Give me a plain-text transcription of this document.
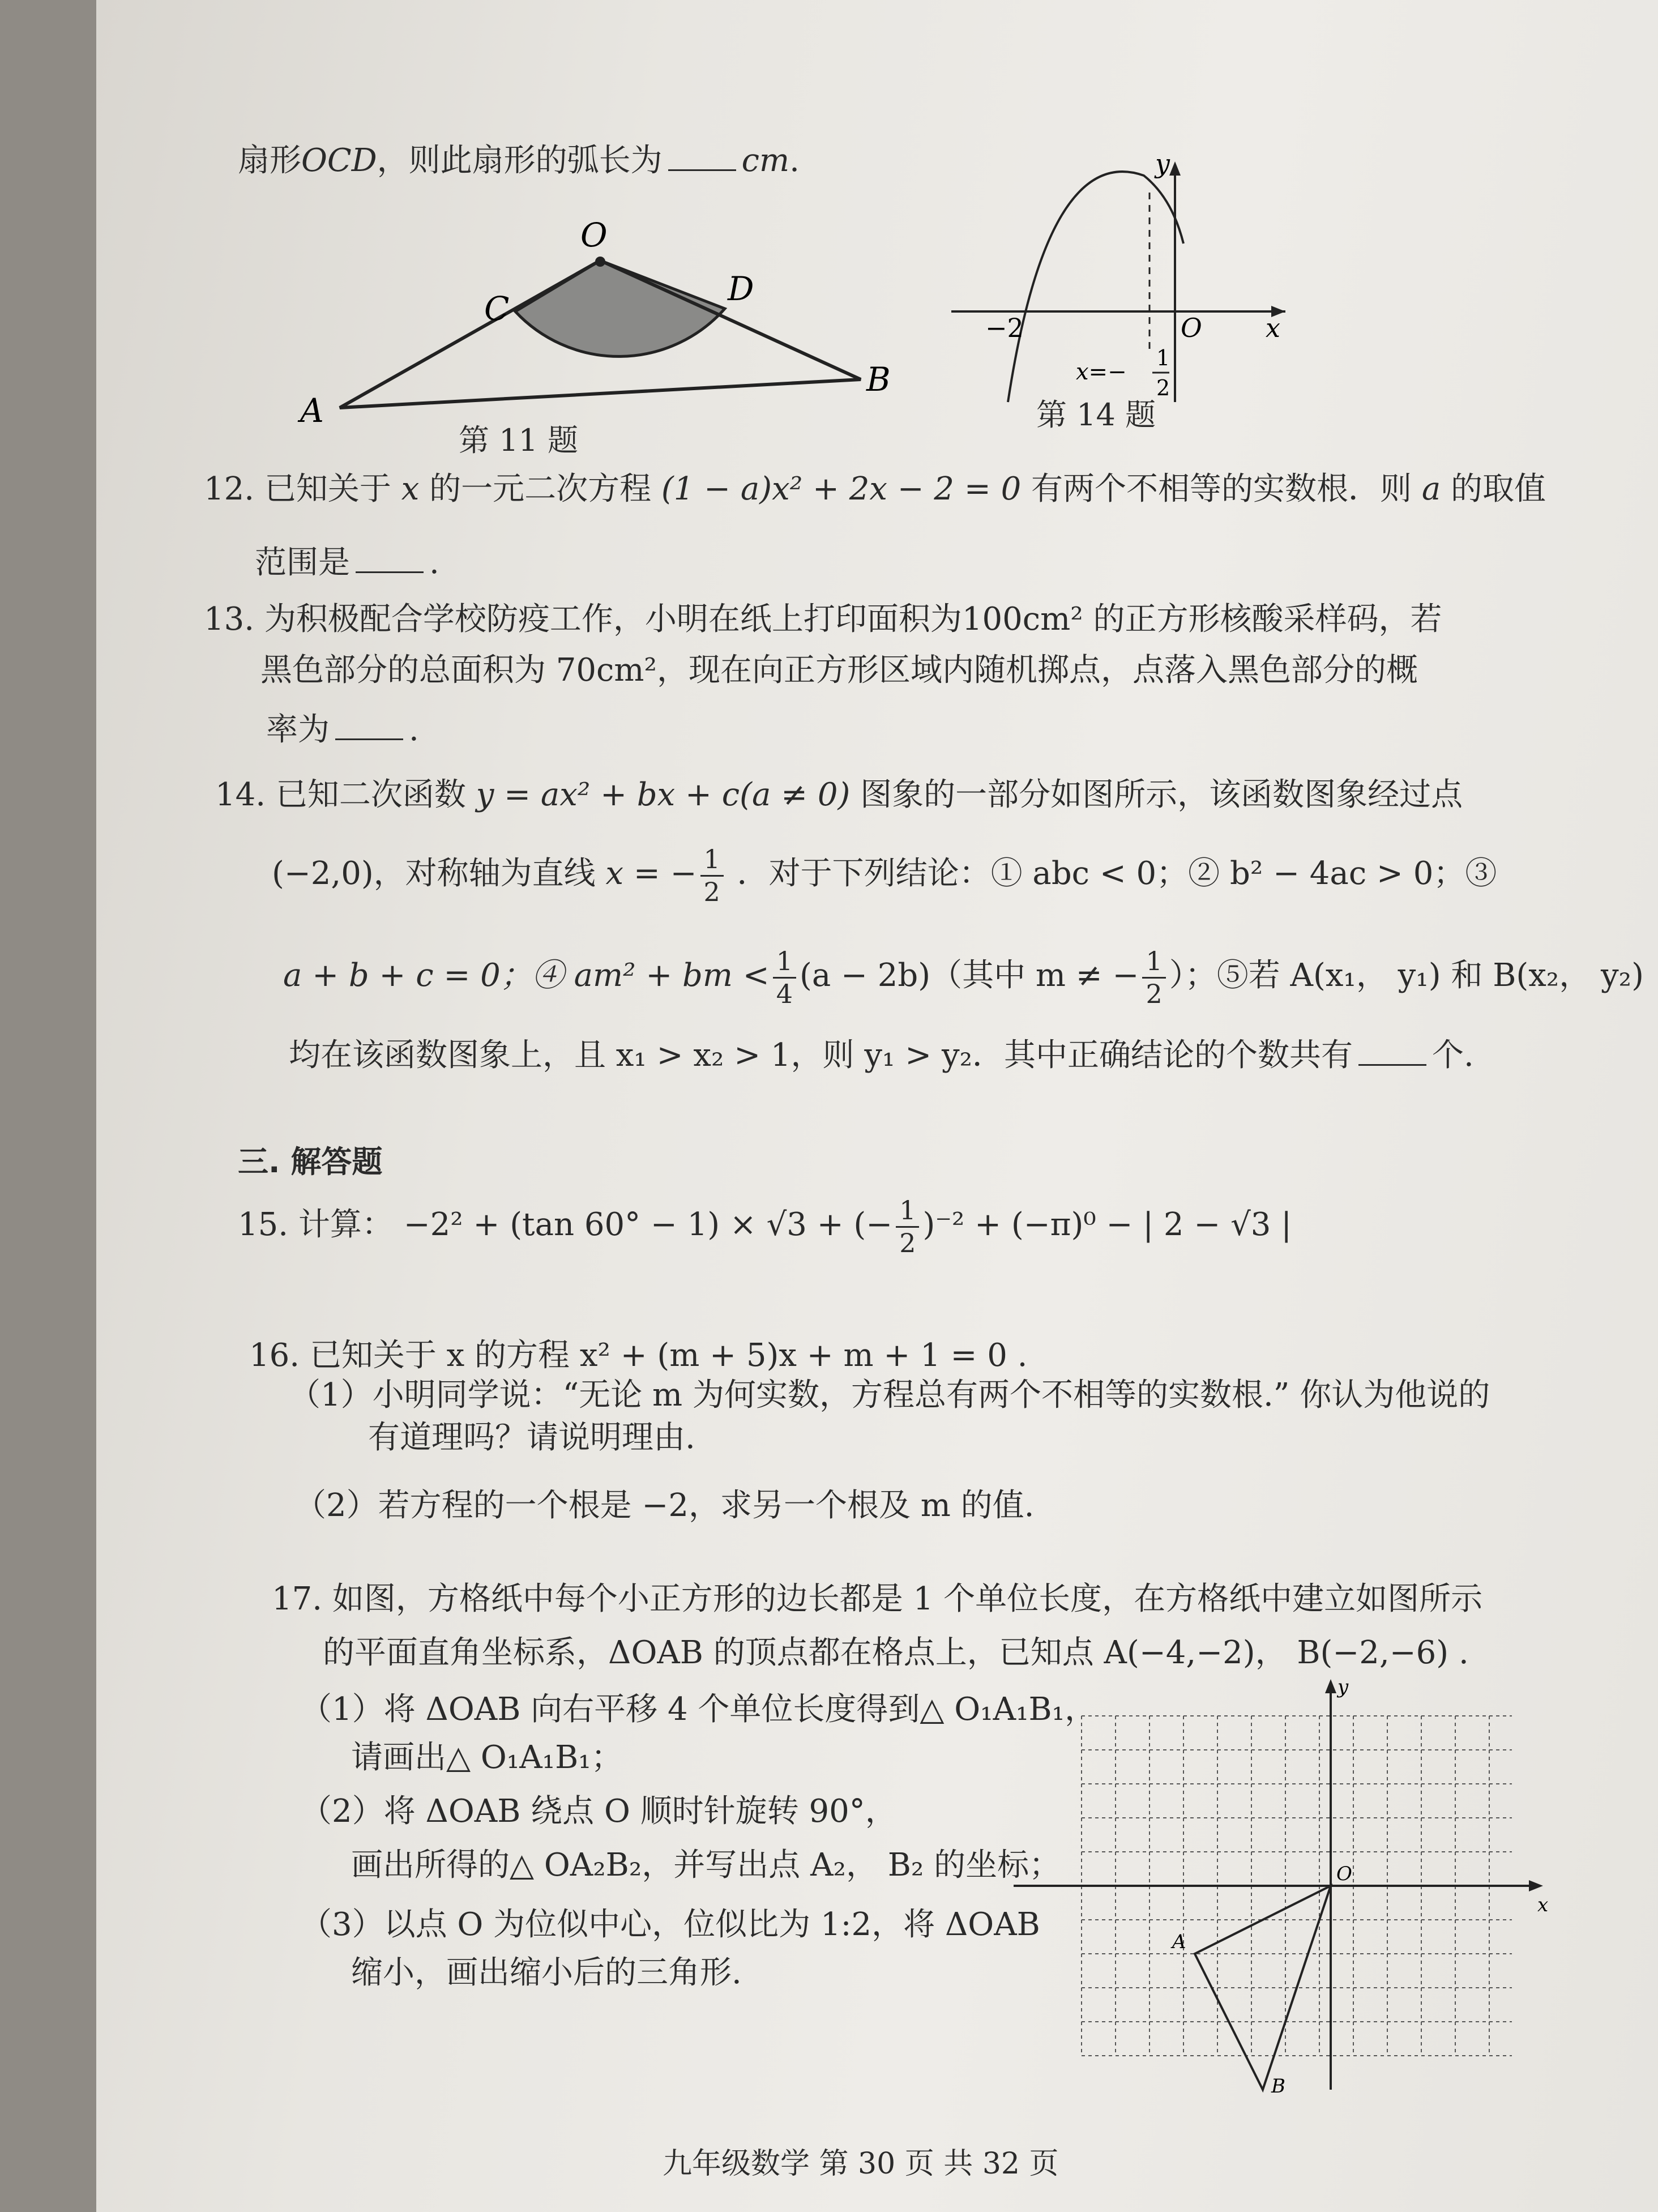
扇形OCD，则此扇形的弧长为	cm.
O
C
D
A
B
第 11 题
y
x
O
−2
x=−
1
2
第 14 题
12. 已知关于 x 的一元二次方程 (1 − a)x² + 2x − 2 = 0 有两个不相等的实数根．则 a 的取值
范围是	.
13. 为积极配合学校防疫工作，小明在纸上打印面积为100cm² 的正方形核酸采样码，若
黑色部分的总面积为 70cm²，现在向正方形区域内随机掷点，点落入黑色部分的概
率为	.
14. 已知二次函数 y = ax² + bx + c(a ≠ 0) 图象的一部分如图所示，该函数图象经过点
(−2,0)，对称轴为直线 x = − $\frac{1}{2}$ ．对于下列结论：① abc < 0；② b² − 4ac > 0；③
a + b + c = 0；④ am² + bm < $\frac{1}{4} (a - 2b)$（其中 m ≠ − $\frac{1}{2}$ ）；⑤若 A(x₁， y₁) 和 B(x₂， y₂)
均在该函数图象上，且 x₁ > x₂ > 1，则 y₁ > y₂．其中正确结论的个数共有	个.
三. 解答题
15. 计算： −2² + (tan 60° − 1) × √3 + (− $\frac{1}{2} )^{-2} + (-\pi)^0$ − | 2 − √3 |
16. 已知关于 x 的方程 x² + (m + 5)x + m + 1 = 0 .
（1）小明同学说：“无论 m 为何实数，方程总有两个不相等的实数根.” 你认为他说的
有道理吗？请说明理由.
（2）若方程的一个根是 −2，求另一个根及 m 的值.
17. 如图，方格纸中每个小正方形的边长都是 1 个单位长度，在方格纸中建立如图所示
的平面直角坐标系，ΔOAB 的顶点都在格点上，已知点 A(−4,−2)， B(−2,−6) .
（1）将 ΔOAB 向右平移 4 个单位长度得到△ O₁A₁B₁，
请画出△ O₁A₁B₁；
（2）将 ΔOAB 绕点 O 顺时针旋转 90°，
画出所得的△ OA₂B₂，并写出点 A₂， B₂ 的坐标；
（3）以点 O 为位似中心，位似比为 1:2，将 ΔOAB
缩小，画出缩小后的三角形.
y
x
O
A
B
九年级数学 第 30 页 共 32 页
